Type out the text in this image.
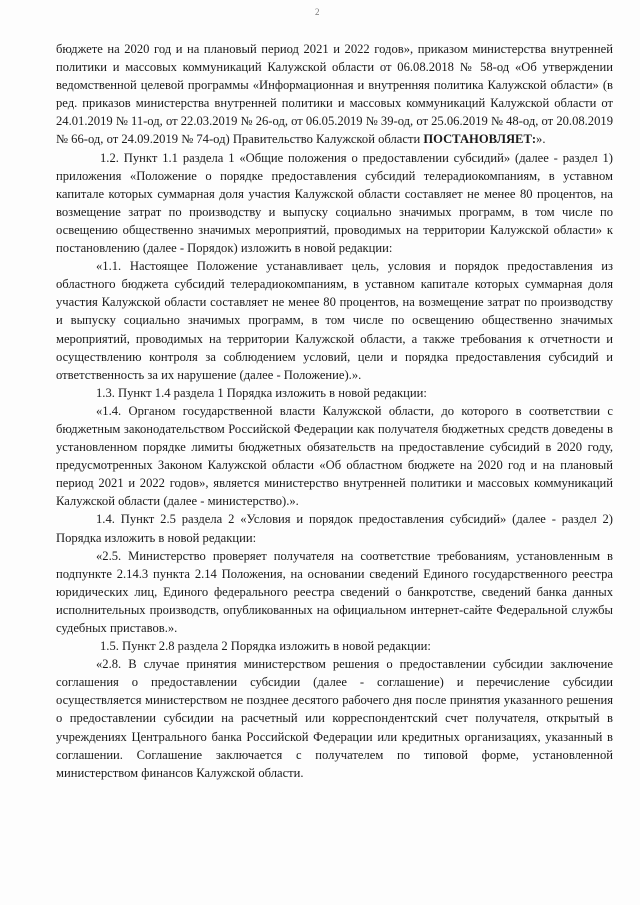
2

бюджете на 2020 год и на плановый период 2021 и 2022 годов», приказом министерства внутренней политики и массовых коммуникаций Калужской области от 06.08.2018 № 58-од «Об утверждении ведомственной целевой программы «Информационная и внутренняя политика Калужской области» (в ред. приказов министерства внутренней политики и массовых коммуникаций Калужской области от 24.01.2019 № 11-од, от 22.03.2019 № 26-од, от 06.05.2019 № 39-од, от 25.06.2019 № 48-од, от 20.08.2019 № 66-од, от 24.09.2019 № 74-од) Правительство Калужской области ПОСТАНОВЛЯЕТ:».

1.2. Пункт 1.1 раздела 1 «Общие положения о предоставлении субсидий» (далее - раздел 1) приложения «Положение о порядке предоставления субсидий телерадиокомпаниям, в уставном капитале которых суммарная доля участия Калужской области составляет не менее 80 процентов, на возмещение затрат по производству и выпуску социально значимых программ, в том числе по освещению общественно значимых мероприятий, проводимых на территории Калужской области» к постановлению (далее - Порядок) изложить в новой редакции:

«1.1. Настоящее Положение устанавливает цель, условия и порядок предоставления из областного бюджета субсидий телерадиокомпаниям, в уставном капитале которых суммарная доля участия Калужской области составляет не менее 80 процентов, на возмещение затрат по производству и выпуску социально значимых программ, в том числе по освещению общественно значимых мероприятий, проводимых на территории Калужской области, а также требования к отчетности и осуществлению контроля за соблюдением условий, цели и порядка предоставления субсидий и ответственность за их нарушение (далее - Положение).».

1.3. Пункт 1.4 раздела 1 Порядка изложить в новой редакции:

«1.4. Органом государственной власти Калужской области, до которого в соответствии с бюджетным законодательством Российской Федерации как получателя бюджетных средств доведены в установленном порядке лимиты бюджетных обязательств на предоставление субсидий в 2020 году, предусмотренных Законом Калужской области «Об областном бюджете на 2020 год и на плановый период 2021 и 2022 годов», является министерство внутренней политики и массовых коммуникаций Калужской области (далее - министерство).».

1.4. Пункт 2.5 раздела 2 «Условия и порядок предоставления субсидий» (далее - раздел 2) Порядка изложить в новой редакции:

«2.5. Министерство проверяет получателя на соответствие требованиям, установленным в подпункте 2.14.3 пункта 2.14 Положения, на основании сведений Единого государственного реестра юридических лиц, Единого федерального реестра сведений о банкротстве, сведений банка данных исполнительных производств, опубликованных на официальном интернет-сайте Федеральной службы судебных приставов.».

1.5. Пункт 2.8 раздела 2 Порядка изложить в новой редакции:

«2.8. В случае принятия министерством решения о предоставлении субсидии заключение соглашения о предоставлении субсидии (далее - соглашение) и перечисление субсидии осуществляется министерством не позднее десятого рабочего дня после принятия указанного решения о предоставлении субсидии на расчетный или корреспондентский счет получателя, открытый в учреждениях Центрального банка Российской Федерации или кредитных организациях, указанный в соглашении. Соглашение заключается с получателем по типовой форме, установленной министерством финансов Калужской области.
